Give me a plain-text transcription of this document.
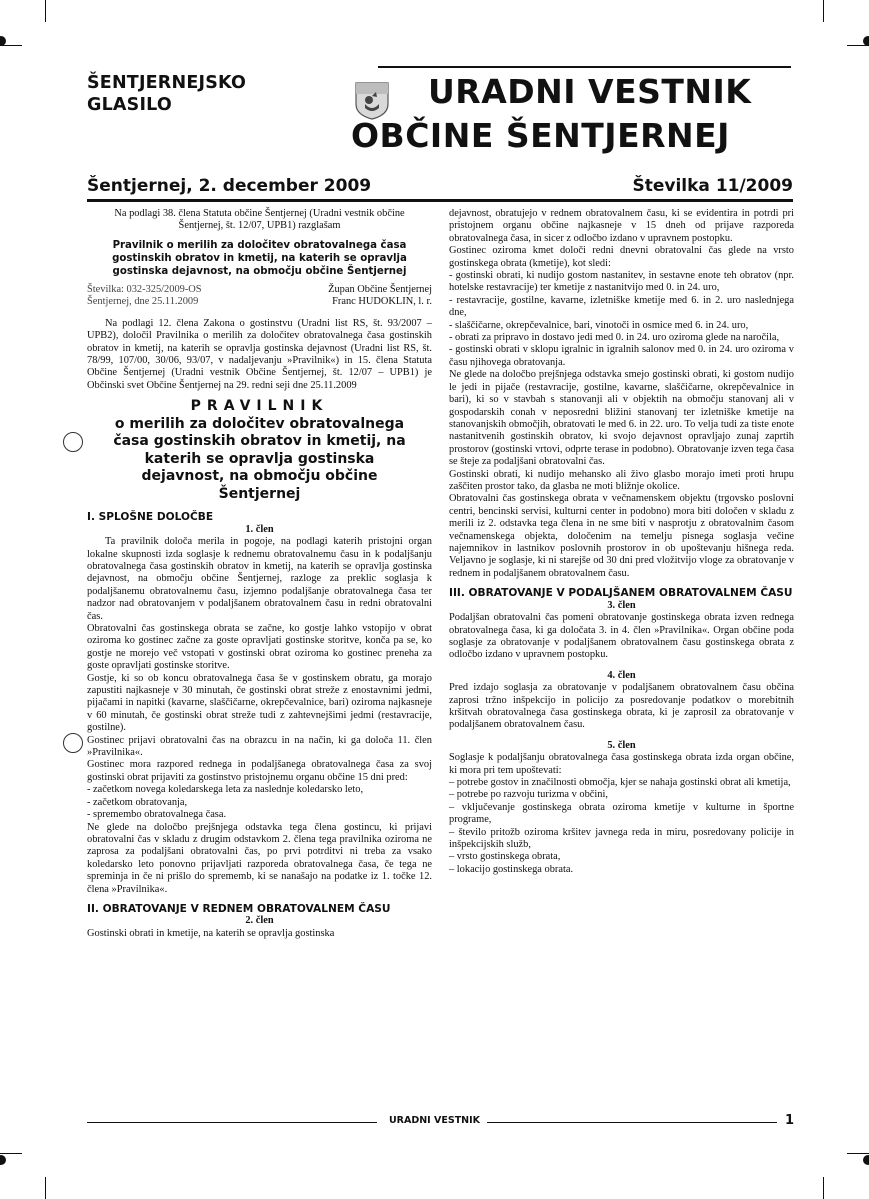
ŠENTJERNEJSKO
GLASILO	URADNI VESTNIK
OBČINE ŠENTJERNEJ
Šentjernej, 2. december 2009	Številka 11/2009

Na podlagi 38. člena Statuta občine Šentjernej (Uradni vestnik občine Šentjernej, št. 12/07, UPB1) razglašam

Pravilnik o merilih za določitev obratovalnega časa gostinskih obratov in kmetij, na katerih se opravlja gostinska dejavnost, na območju občine Šentjernej

Številka: 032-325/2009-OS
Šentjernej, dne 25.11.2009
Župan Občine Šentjernej
Franc HUDOKLIN, l. r.

Na podlagi 12. člena Zakona o gostinstvu (Uradni list RS, št. 93/2007 – UPB2), določil Pravilnika o merilih za določitev obratovalnega časa gostinskih obratov in kmetij, na katerih se opravlja gostinska dejavnost (Uradni list RS, št. 78/99, 107/00, 30/06, 93/07, v nadaljevanju »Pravilnik«) in 15. člena Statuta Občine Šentjernej (Uradni vestnik Občine Šentjernej, št. 12/07 – UPB1) je Občinski svet Občine Šentjernej na 29. redni seji dne 25.11.2009

PRAVILNIK
o merilih za določitev obratovalnega časa gostinskih obratov in kmetij, na katerih se opravlja gostinska dejavnost, na območju občine Šentjernej

I. SPLOŠNE DOLOČBE

1. člen

Ta pravilnik določa merila in pogoje, na podlagi katerih pristojni organ lokalne skupnosti izda soglasje k rednemu obratovalnemu času in k podaljšanju obratovalnega časa gostinskih obratov in kmetij, na katerih se opravlja gostinska dejavnost, na območju občine Šentjernej, razloge za preklic soglasja k podaljšanemu obratovalnemu času, izjemno podaljšanje obratovalnega časa ter nadzor nad obratovanjem v podaljšanem obratovalnem času in redni obratovalni čas.

Obratovalni čas gostinskega obrata se začne, ko gostje lahko vstopijo v obrat oziroma ko gostinec začne za goste opravljati gostinske storitve, konča pa se, ko gostje ne morejo več vstopati v gostinski obrat oziroma ko gostinec preneha za goste opravljati gostinske storitve.

Gostje, ki so ob koncu obratovalnega časa še v gostinskem obratu, ga morajo zapustiti najkasneje v 30 minutah, če gostinski obrat streže z enostavnimi jedmi, pijačami in napitki (kavarne, slaščičarne, okrepčevalnice, bari) oziroma najkasneje v 60 minutah, če gostinski obrat streže tudi z zahtevnejšimi jedmi (restavracije, gostilne).

Gostinec prijavi obratovalni čas na obrazcu in na način, ki ga določa 11. člen »Pravilnika«.

Gostinec mora razpored rednega in podaljšanega obratovalnega časa za svoj gostinski obrat prijaviti za gostinstvo pristojnemu organu občine 15 dni pred:

- začetkom novega koledarskega leta za naslednje koledarsko leto,

- začetkom obratovanja,

- spremembo obratovalnega časa.

Ne glede na določbo prejšnjega odstavka tega člena gostincu, ki prijavi obratovalni čas v skladu z drugim odstavkom 2. člena tega pravilnika oziroma ne zaprosa za podaljšani obratovalni čas, po prvi potrditvi ni treba za vsako koledarsko leto ponovno prijavljati razporeda obratovalnega časa, če tega ne spreminja in če ni prišlo do sprememb, ki se nanašajo na podatke iz 1. točke 12. člena »Pravilnika«.

II. OBRATOVANJE V REDNEM OBRATOVALNEM ČASU

2. člen

Gostinski obrati in kmetije, na katerih se opravlja gostinska

dejavnost, obratujejo v rednem obratovalnem času, ki se evidentira in potrdi pri pristojnem organu občine najkasneje v 15 dneh od prijave razporeda obratovalnega časa, in sicer z odločbo izdano v upravnem postopku.

Gostinec oziroma kmet določi redni dnevni obratovalni čas glede na vrsto gostinskega obrata (kmetije), kot sledi:

- gostinski obrati, ki nudijo gostom nastanitev, in sestavne enote teh obratov (npr. hotelske restavracije) ter kmetije z nastanitvijo med 0. in 24. uro,

- restavracije, gostilne, kavarne, izletniške kmetije med 6. in 2. uro naslednjega dne,

- slaščičarne, okrepčevalnice, bari, vinotoči in osmice med 6. in 24. uro,

- obrati za pripravo in dostavo jedi med 0. in 24. uro oziroma glede na naročila,

- gostinski obrati v sklopu igralnic in igralnih salonov med 0. in 24. uro oziroma v času njihovega obratovanja.

Ne glede na določbo prejšnjega odstavka smejo gostinski obrati, ki gostom nudijo le jedi in pijače (restavracije, gostilne, kavarne, slaščičarne, okrepčevalnice in bari), ki so v stavbah s stanovanji ali v objektih na območju stanovanj ali v gospodarskih conah v neposredni bližini stanovanj ter izletniške kmetije na stanovanjskih območjih, obratovati le med 6. in 22. uro. To velja tudi za tiste enote nastanitvenih gostinskih obratov, ki svojo dejavnost opravljajo zunaj zaprtih prostorov (gostinski vrtovi, odprte terase in podobno). Obratovanje izven tega časa se šteje za podaljšani obratovalni čas.

Gostinski obrati, ki nudijo mehansko ali živo glasbo morajo imeti proti hrupu zaščiten prostor tako, da glasba ne moti bližnje okolice.

Obratovalni čas gostinskega obrata v večnamenskem objektu (trgovsko poslovni centri, bencinski servisi, kulturni center in podobno) mora biti določen v skladu z merili iz 2. odstavka tega člena in ne sme biti v nasprotju z obratovalnim časom večnamenskega objekta, določenim na temelju pisnega soglasja večine najemnikov in lastnikov poslovnih prostorov in ob upoštevanju hišnega reda. Veljavno je soglasje, ki ni starejše od 30 dni pred vložitvijo vloge za obratovanje v rednem in podaljšanem obratovalnem času.

III. OBRATOVANJE V PODALJŠANEM OBRATOVALNEM ČASU

3. člen

Podaljšan obratovalni čas pomeni obratovanje gostinskega obrata izven rednega obratovalnega časa, ki ga določata 3. in 4. člen »Pravilnika«. Organ občine poda soglasje za obratovanje v podaljšanem obratovalnem času gostinskega obrata z odločbo izdano v upravnem postopku.

4. člen

Pred izdajo soglasja za obratovanje v podaljšanem obratovalnem času občina zaprosi tržno inšpekcijo in policijo za posredovanje podatkov o morebitnih kršitvah obratovalnega časa gostinskega obrata, ki je zaprosil za obratovanje v podaljšanem obratovalnem času.

5. člen

Soglasje k podaljšanju obratovalnega časa gostinskega obrata izda organ občine, ki mora pri tem upoštevati:

– potrebe gostov in značilnosti območja, kjer se nahaja gostinski obrat ali kmetija,

– potrebe po razvoju turizma v občini,

– vključevanje gostinskega obrata oziroma kmetije v kulturne in športne programe,

– število pritožb oziroma kršitev javnega reda in miru, posredovany policije in inšpekcijskih služb,

– vrsto gostinskega obrata,

– lokacijo gostinskega obrata.

URADNI VESTNIK	1
